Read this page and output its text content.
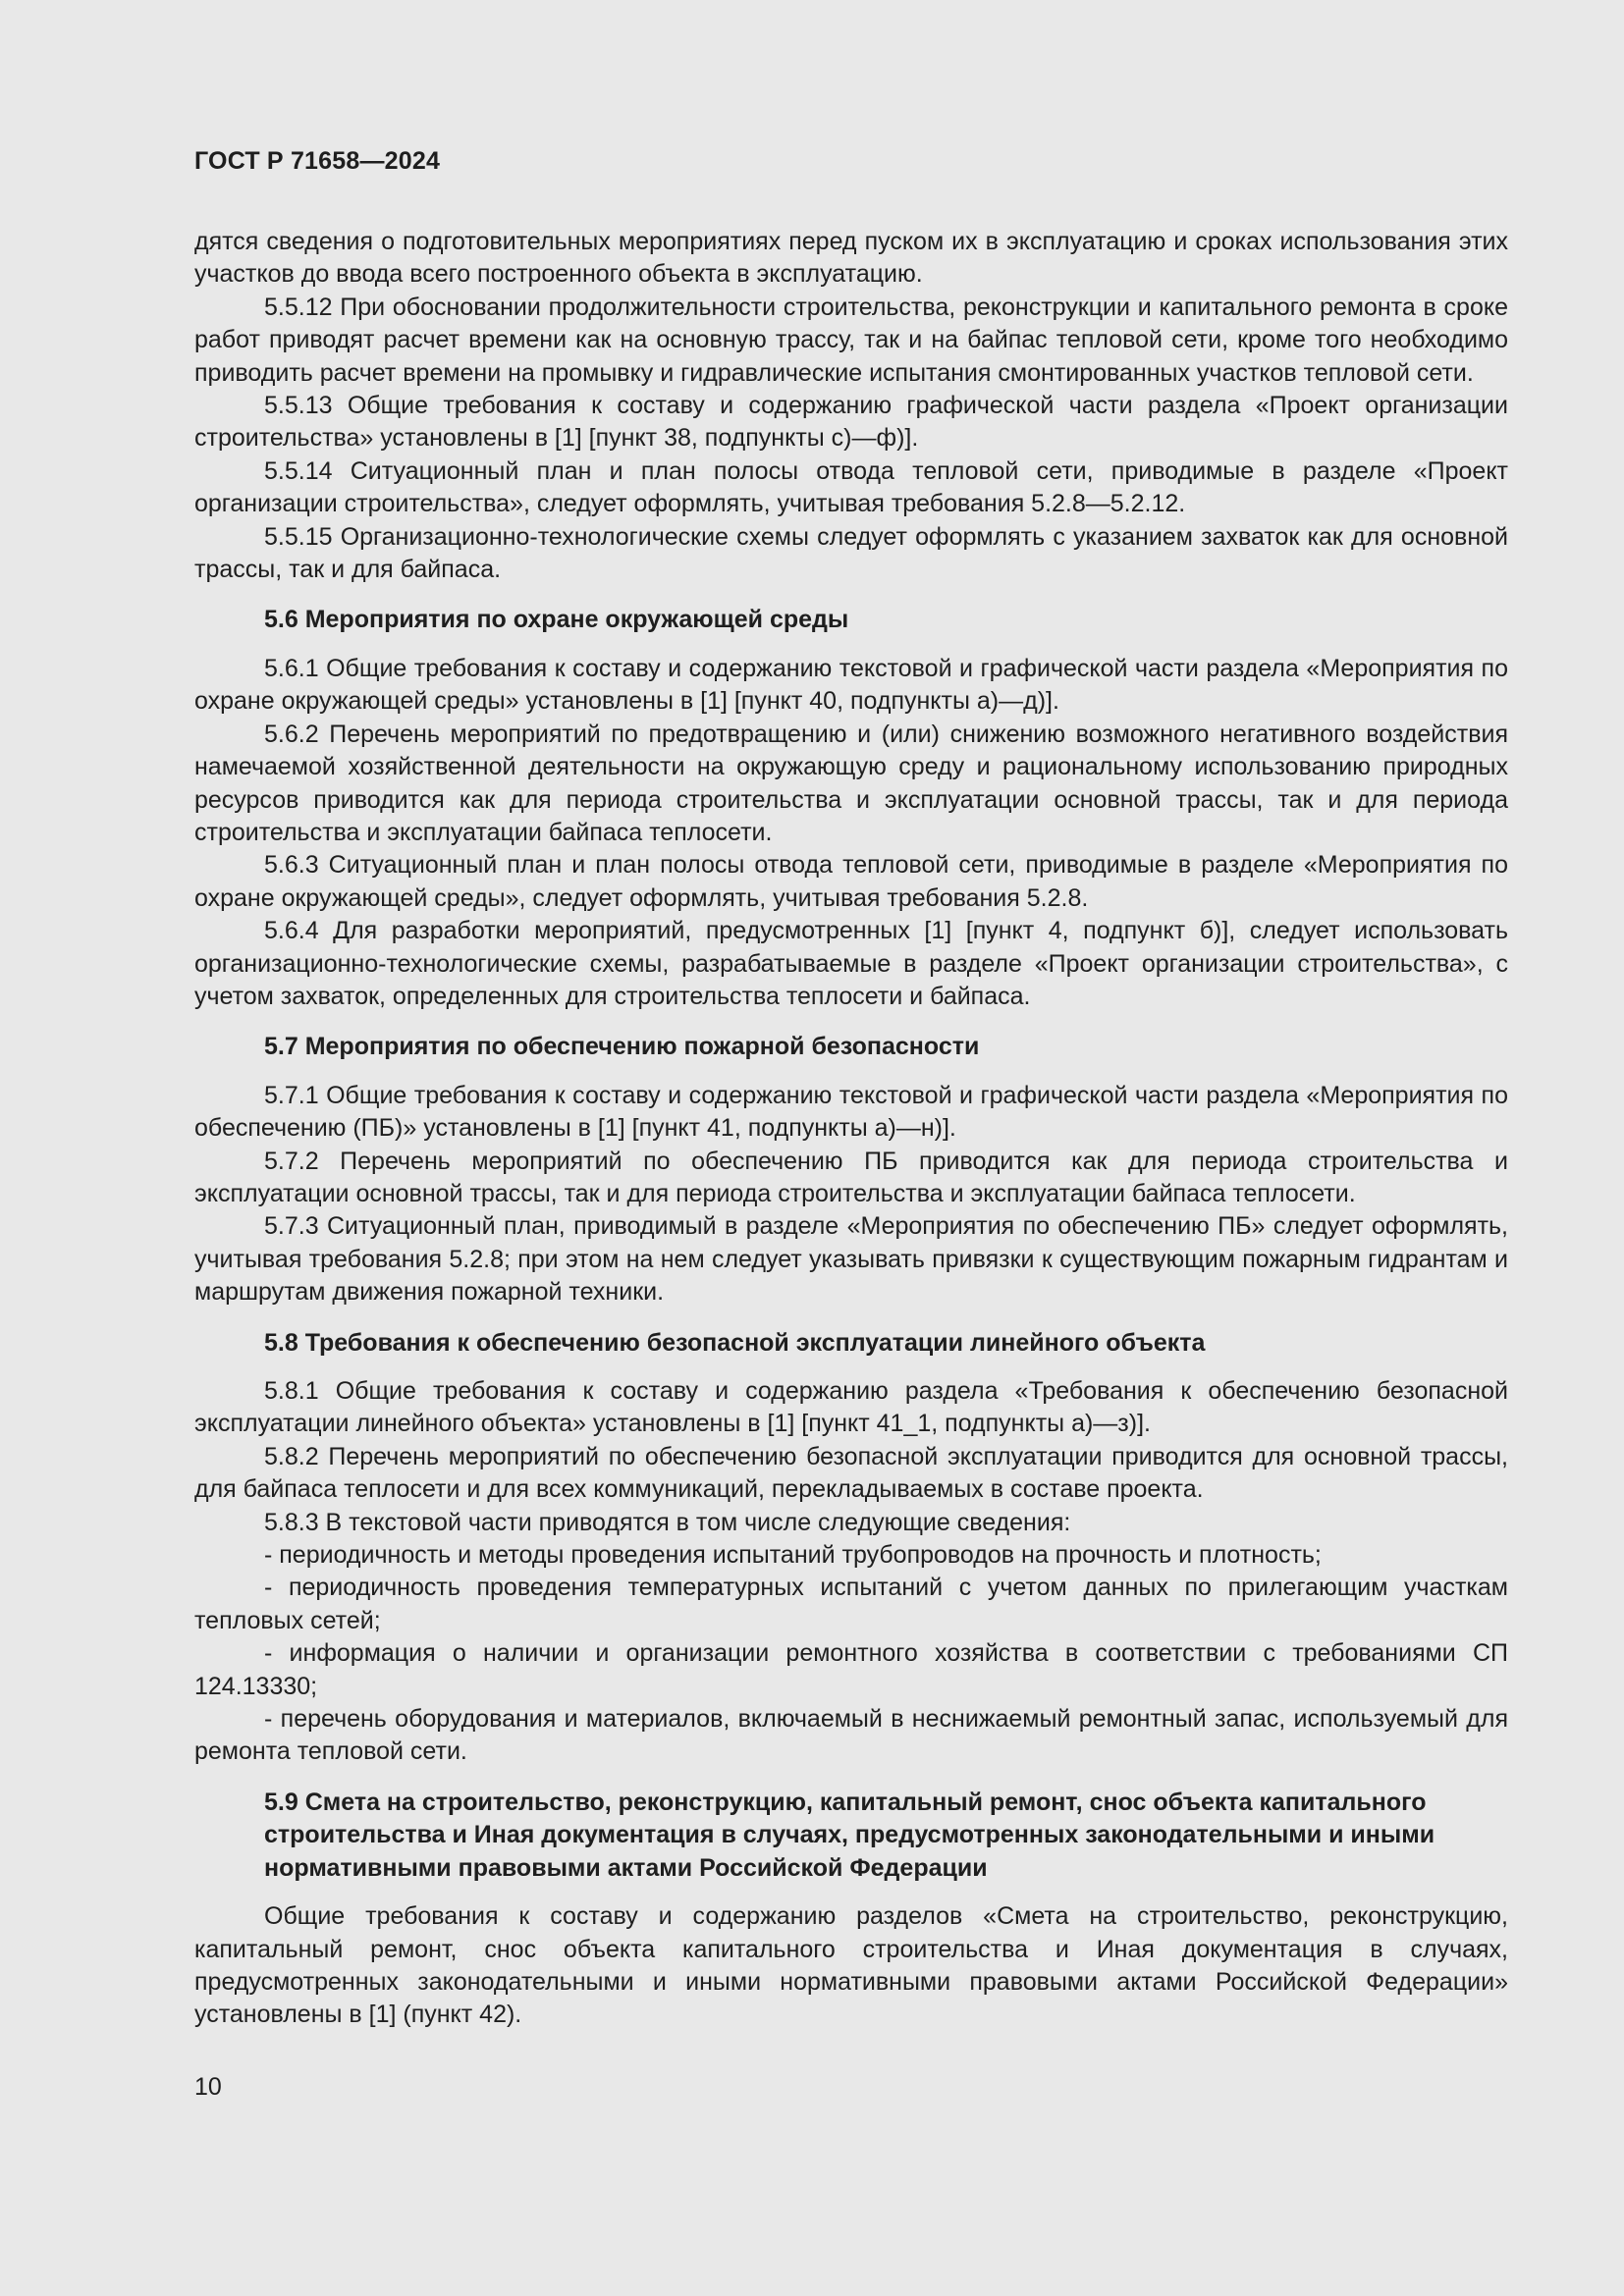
ГОСТ Р 71658—2024

дятся сведения о подготовительных мероприятиях перед пуском их в эксплуатацию и сроках использования этих участков до ввода всего построенного объекта в эксплуатацию.

5.5.12 При обосновании продолжительности строительства, реконструкции и капитального ремонта в сроке работ приводят расчет времени как на основную трассу, так и на байпас тепловой сети, кроме того необходимо приводить расчет времени на промывку и гидравлические испытания смонтированных участков тепловой сети.

5.5.13 Общие требования к составу и содержанию графической части раздела «Проект организации строительства» установлены в [1] [пункт 38, подпункты с)—ф)].

5.5.14 Ситуационный план и план полосы отвода тепловой сети, приводимые в разделе «Проект организации строительства», следует оформлять, учитывая требования 5.2.8—5.2.12.

5.5.15 Организационно-технологические схемы следует оформлять с указанием захваток как для основной трассы, так и для байпаса.

5.6 Мероприятия по охране окружающей среды

5.6.1 Общие требования к составу и содержанию текстовой и графической части раздела «Мероприятия по охране окружающей среды» установлены в [1] [пункт 40, подпункты а)—д)].

5.6.2 Перечень мероприятий по предотвращению и (или) снижению возможного негативного воздействия намечаемой хозяйственной деятельности на окружающую среду и рациональному использованию природных ресурсов приводится как для периода строительства и эксплуатации основной трассы, так и для периода строительства и эксплуатации байпаса теплосети.

5.6.3 Ситуационный план и план полосы отвода тепловой сети, приводимые в разделе «Мероприятия по охране окружающей среды», следует оформлять, учитывая требования 5.2.8.

5.6.4 Для разработки мероприятий, предусмотренных [1] [пункт 4, подпункт б)], следует использовать организационно-технологические схемы, разрабатываемые в разделе «Проект организации строительства», с учетом захваток, определенных для строительства теплосети и байпаса.

5.7 Мероприятия по обеспечению пожарной безопасности

5.7.1 Общие требования к составу и содержанию текстовой и графической части раздела «Мероприятия по обеспечению (ПБ)» установлены в [1] [пункт 41, подпункты а)—н)].

5.7.2 Перечень мероприятий по обеспечению ПБ приводится как для периода строительства и эксплуатации основной трассы, так и для периода строительства и эксплуатации байпаса теплосети.

5.7.3 Ситуационный план, приводимый в разделе «Мероприятия по обеспечению ПБ» следует оформлять, учитывая требования 5.2.8; при этом на нем следует указывать привязки к существующим пожарным гидрантам и маршрутам движения пожарной техники.

5.8 Требования к обеспечению безопасной эксплуатации линейного объекта

5.8.1 Общие требования к составу и содержанию раздела «Требования к обеспечению безопасной эксплуатации линейного объекта» установлены в [1] [пункт 41_1, подпункты а)—з)].

5.8.2 Перечень мероприятий по обеспечению безопасной эксплуатации приводится для основной трассы, для байпаса теплосети и для всех коммуникаций, перекладываемых в составе проекта.

5.8.3 В текстовой части приводятся в том числе следующие сведения:

- периодичность и методы проведения испытаний трубопроводов на прочность и плотность;

- периодичность проведения температурных испытаний с учетом данных по прилегающим участкам тепловых сетей;

- информация о наличии и организации ремонтного хозяйства в соответствии с требованиями СП 124.13330;

- перечень оборудования и материалов, включаемый в неснижаемый ремонтный запас, используемый для ремонта тепловой сети.

5.9 Смета на строительство, реконструкцию, капитальный ремонт, снос объекта капитального строительства и Иная документация в случаях, предусмотренных законодательными и иными нормативными правовыми актами Российской Федерации

Общие требования к составу и содержанию разделов «Смета на строительство, реконструкцию, капитальный ремонт, снос объекта капитального строительства и Иная документация в случаях, предусмотренных законодательными и иными нормативными правовыми актами Российской Федерации» установлены в [1] (пункт 42).

10
